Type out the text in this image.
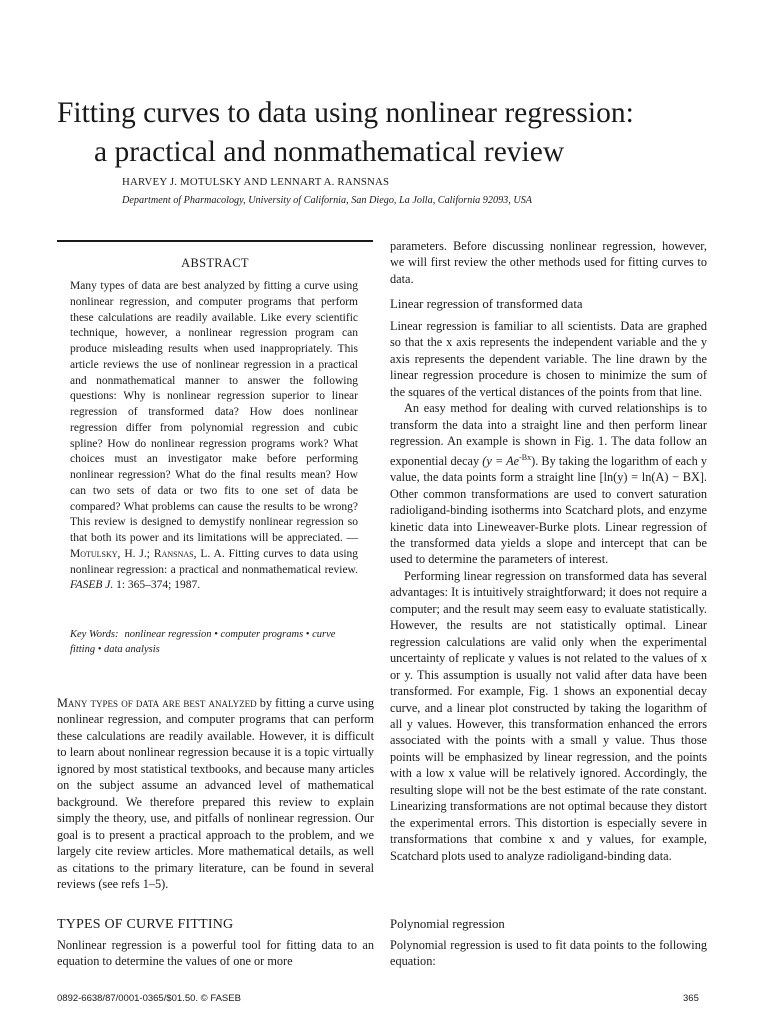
Fitting curves to data using nonlinear regression:
a practical and nonmathematical review
HARVEY J. MOTULSKY AND LENNART A. RANSNAS
Department of Pharmacology, University of California, San Diego, La Jolla, California 92093, USA
ABSTRACT

Many types of data are best analyzed by fitting a curve using nonlinear regression, and computer programs that perform these calculations are readily available. Like every scientific technique, however, a nonlinear regression program can produce misleading results when used inappropriately. This article reviews the use of nonlinear regression in a practical and nonmathematical manner to answer the following questions: Why is nonlinear regression superior to linear regression of transformed data? How does nonlinear regression differ from polynomial regression and cubic spline? How do nonlinear regression programs work? What choices must an investigator make before performing nonlinear regression? What do the final results mean? How can two sets of data or two fits to one set of data be compared? What problems can cause the results to be wrong? This review is designed to demystify nonlinear regression so that both its power and its limitations will be appreciated. — Motulsky, H. J.; Ransnas, L. A. Fitting curves to data using nonlinear regression: a practical and nonmathematical review. FASEB J. 1: 365–374; 1987.

Key Words: nonlinear regression • computer programs • curve fitting • data analysis

Many types of data are best analyzed by fitting a curve using nonlinear regression, and computer programs that can perform these calculations are readily available. However, it is difficult to learn about nonlinear regression because it is a topic virtually ignored by most statistical textbooks, and because many articles on the subject assume an advanced level of mathematical background. We therefore prepared this review to explain simply the theory, use, and pitfalls of nonlinear regression. Our goal is to present a practical approach to the problem, and we largely cite review articles. More mathematical details, as well as citations to the primary literature, can be found in several reviews (see refs 1–5).

TYPES OF CURVE FITTING
Nonlinear regression is a powerful tool for fitting data to an equation to determine the values of one or more
parameters. Before discussing nonlinear regression, however, we will first review the other methods used for fitting curves to data.
Linear regression of transformed data

Linear regression is familiar to all scientists. Data are graphed so that the x axis represents the independent variable and the y axis represents the dependent variable. The line drawn by the linear regression procedure is chosen to minimize the sum of the squares of the vertical distances of the points from that line.

An easy method for dealing with curved relationships is to transform the data into a straight line and then perform linear regression. An example is shown in Fig. 1. The data follow an exponential decay $(y = Ae^{-Bx})$. By taking the logarithm of each y value, the data points form a straight line [ln(y) = ln(A) − BX]. Other common transformations are used to convert saturation radioligand-binding isotherms into Scatchard plots, and enzyme kinetic data into Lineweaver-Burke plots. Linear regression of the transformed data yields a slope and intercept that can be used to determine the parameters of interest.

Performing linear regression on transformed data has several advantages: It is intuitively straightforward; it does not require a computer; and the result may seem easy to evaluate statistically. However, the results are not statistically optimal. Linear regression calculations are valid only when the experimental uncertainty of replicate y values is not related to the values of x or y. This assumption is usually not valid after data have been transformed. For example, Fig. 1 shows an exponential decay curve, and a linear plot constructed by taking the logarithm of all y values. However, this transformation enhanced the errors associated with the points with a small y value. Thus those points will be emphasized by linear regression, and the points with a low x value will be relatively ignored. Accordingly, the resulting slope will not be the best estimate of the rate constant. Linearizing transformations are not optimal because they distort the experimental errors. This distortion is especially severe in transformations that combine x and y values, for example, Scatchard plots used to analyze radioligand-binding data.

Polynomial regression
Polynomial regression is used to fit data points to the following equation:
0892-6638/87/0001-0365/$01.50. © FASEB	365
